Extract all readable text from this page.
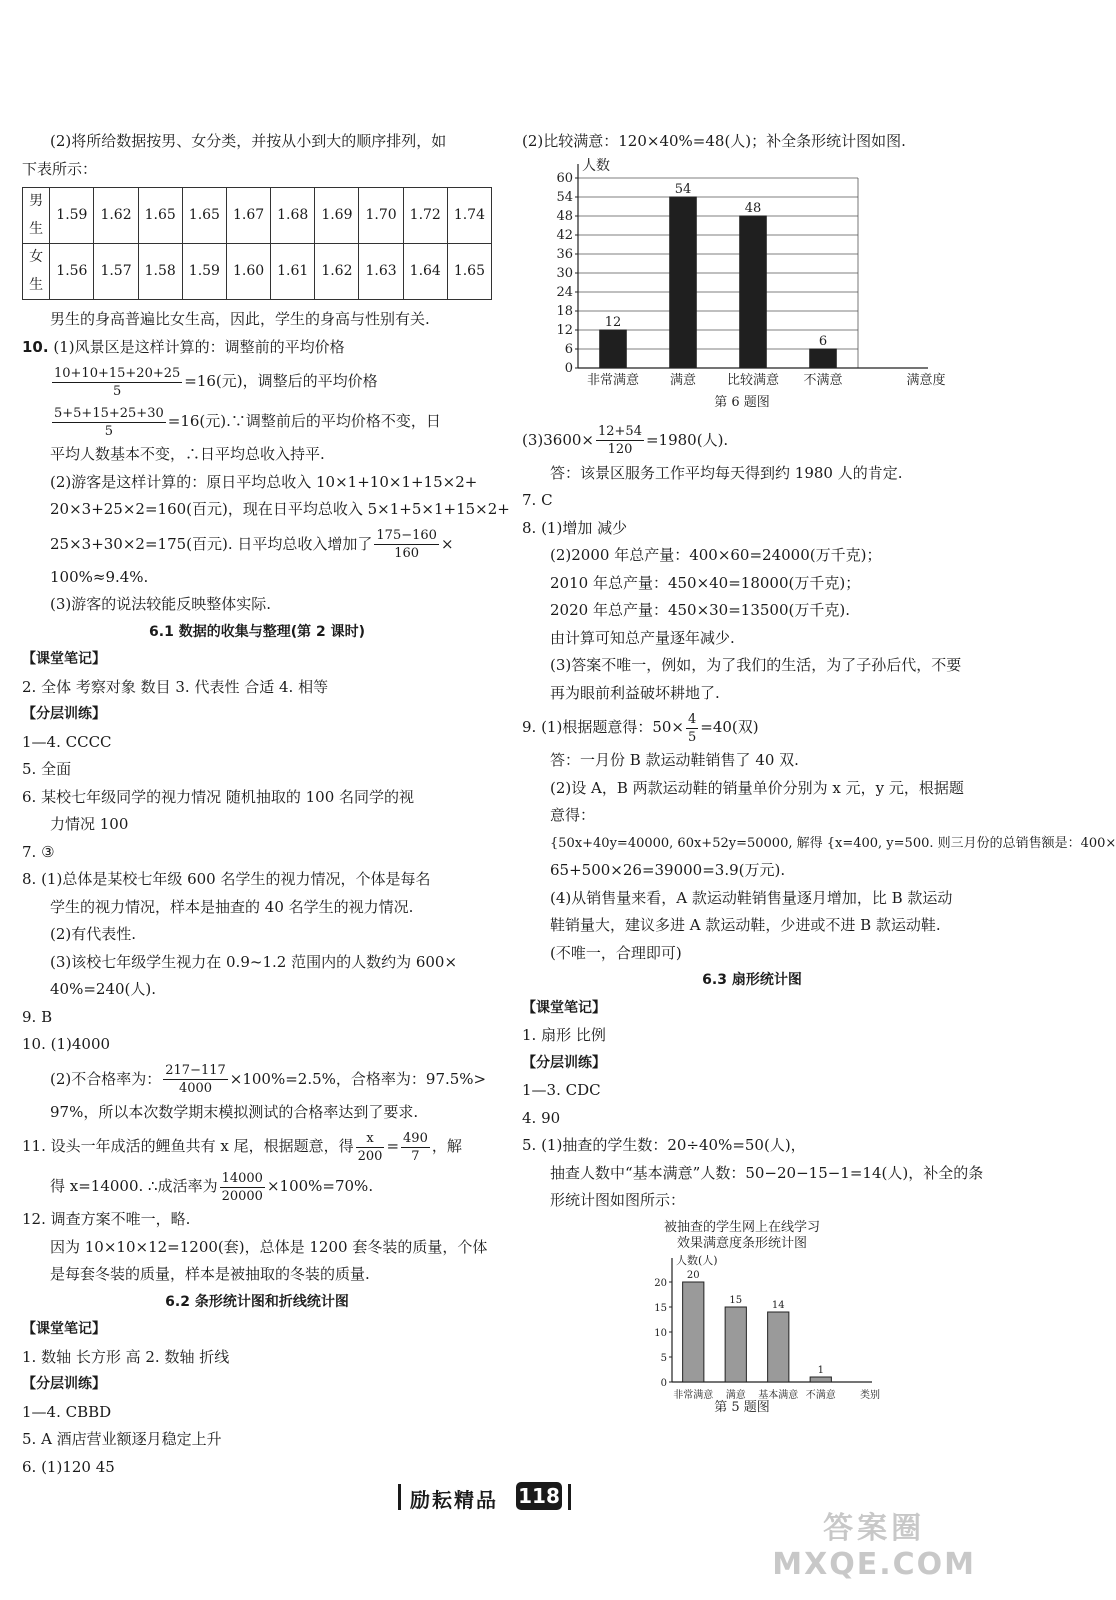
(2)将所给数据按男、女分类，并按从小到大的顺序排列，如

下表所示：

男生	1.59	1.62	1.65	1.65	1.67	1.68	1.69	1.70	1.72	1.74
女生	1.56	1.57	1.58	1.59	1.60	1.61	1.62	1.63	1.64	1.65

男生的身高普遍比女生高，因此，学生的身高与性别有关.

10. (1)风景区是这样计算的：调整前的平均价格

$\frac{10+10+15+20+25}{5} =16$(元)，调整后的平均价格

$\frac{5+5+15+25+30}{5} =16$(元).∵调整前后的平均价格不变，日

平均人数基本不变，∴日平均总收入持平.

(2)游客是这样计算的：原日平均总收入 10×1+10×1+15×2+

20×3+25×2=160(百元)，现在日平均总收入 5×1+5×1+15×2+

25×3+30×2=175(百元). 日平均总收入增加了 $\frac{175-160}{160}$ ×

100%≈9.4%.

(3)游客的说法较能反映整体实际.

6.1 数据的收集与整理(第 2 课时)

【课堂笔记】

2. 全体 考察对象 数目 3. 代表性 合适 4. 相等

【分层训练】

1—4. CCCC

5. 全面

6. 某校七年级同学的视力情况 随机抽取的 100 名同学的视

力情况 100

7. ③

8. (1)总体是某校七年级 600 名学生的视力情况，个体是每名

学生的视力情况，样本是抽查的 40 名学生的视力情况.

(2)有代表性.

(3)该校七年级学生视力在 0.9~1.2 范围内的人数约为 600×

40%=240(人).

9. B

10. (1)4000

(2)不合格率为： $\frac{217-117}{4000} \times 100\%=2.5\%$，合格率为：97.5%>

97%，所以本次数学期末模拟测试的合格率达到了要求.

11. 设头一年成活的鲤鱼共有 x 尾，根据题意，得 $\frac{x}{200} = \frac{490}{7}$ ，解

得 x=14000. ∴成活率为 $\frac{14000}{20000} \times 100\%=70\%$.

12. 调查方案不唯一，略.

因为 10×10×12=1200(套)，总体是 1200 套冬装的质量，个体

是每套冬装的质量，样本是被抽取的冬装的质量.

6.2 条形统计图和折线统计图

【课堂笔记】

1. 数轴 长方形 高 2. 数轴 折线

【分层训练】

1—4. CBBD

5. A 酒店营业额逐月稳定上升

6. (1)120 45

(2)比较满意：120×40%=48(人)；补全条形统计图如图.

0
6
12
18
24
30
36
42
48
54
60
人数
满意度
12
非常满意
54
满意
48
比较满意
6
不满意
第 6 题图

$(3)3600\times \frac{12+54}{120} =1980$(人).

答：该景区服务工作平均每天得到约 1980 人的肯定.

7. C

8. (1)增加 减少

(2)2000 年总产量：400×60=24000(万千克)；

2010 年总产量：450×40=18000(万千克)；

2020 年总产量：450×30=13500(万千克).

由计算可知总产量逐年减少.

(3)答案不唯一，例如，为了我们的生活，为了子孙后代，不要

再为眼前利益破坏耕地了.

9. (1)根据题意得：$50\times \frac{4}{5} =40$(双)

答：一月份 B 款运动鞋销售了 40 双.

(2)设 A，B 两款运动鞋的销量单价分别为 x 元，y 元，根据题

意得：

{50x+40y=40000, 60x+52y=50000, 解得 {x=400, y=500. 则三月份的总销售额是：400×

65+500×26=39000=3.9(万元).

(4)从销售量来看，A 款运动鞋销售量逐月增加，比 B 款运动

鞋销量大，建议多进 A 款运动鞋，少进或不进 B 款运动鞋.

(不唯一，合理即可)

6.3 扇形统计图

【课堂笔记】

1. 扇形 比例

【分层训练】

1—3. CDC

4. 90

5. (1)抽查的学生数：20÷40%=50(人)，

抽查人数中“基本满意”人数：50−20−15−1=14(人)，补全的条

形统计图如图所示：

被抽查的学生网上在线学习
效果满意度条形统计图
0
5
10
15
20
人数(人)
类别
20
非常满意
15
满意
14
基本满意
1
不满意
第 5 题图
励耘精品 118
答案圈
MXQE.COM
